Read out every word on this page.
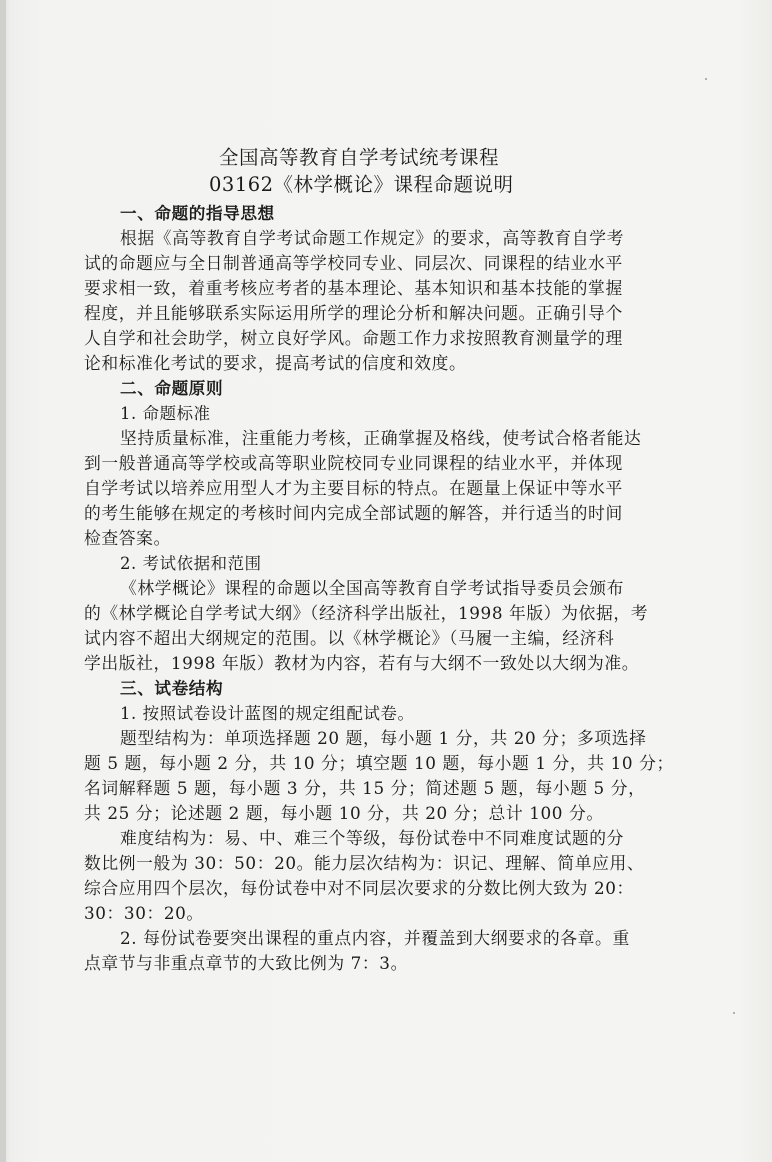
全国高等教育自学考试统考课程
03162《林学概论》课程命题说明
一、命题的指导思想
根据《高等教育自学考试命题工作规定》的要求，高等教育自学考
试的命题应与全日制普通高等学校同专业、同层次、同课程的结业水平
要求相一致，着重考核应考者的基本理论、基本知识和基本技能的掌握
程度，并且能够联系实际运用所学的理论分析和解决问题。正确引导个
人自学和社会助学，树立良好学风。命题工作力求按照教育测量学的理
论和标准化考试的要求，提高考试的信度和效度。
二、命题原则
1. 命题标准
坚持质量标准，注重能力考核，正确掌握及格线，使考试合格者能达
到一般普通高等学校或高等职业院校同专业同课程的结业水平，并体现
自学考试以培养应用型人才为主要目标的特点。在题量上保证中等水平
的考生能够在规定的考核时间内完成全部试题的解答，并行适当的时间
检查答案。
2. 考试依据和范围
《林学概论》课程的命题以全国高等教育自学考试指导委员会颁布
的《林学概论自学考试大纲》（经济科学出版社，1998 年版）为依据，考
试内容不超出大纲规定的范围。以《林学概论》（马履一主编，经济科
学出版社，1998 年版）教材为内容，若有与大纲不一致处以大纲为准。
三、试卷结构
1. 按照试卷设计蓝图的规定组配试卷。
题型结构为：单项选择题 20 题，每小题 1 分，共 20 分；多项选择
题 5 题，每小题 2 分，共 10 分；填空题 10 题，每小题 1 分，共 10 分；
名词解释题 5 题，每小题 3 分，共 15 分；简述题 5 题，每小题 5 分，
共 25 分；论述题 2 题，每小题 10 分，共 20 分；总计 100 分。
难度结构为：易、中、难三个等级，每份试卷中不同难度试题的分
数比例一般为 30：50：20。能力层次结构为：识记、理解、简单应用、
综合应用四个层次，每份试卷中对不同层次要求的分数比例大致为 20：
30：30：20。
2. 每份试卷要突出课程的重点内容，并覆盖到大纲要求的各章。重
点章节与非重点章节的大致比例为 7：3。
